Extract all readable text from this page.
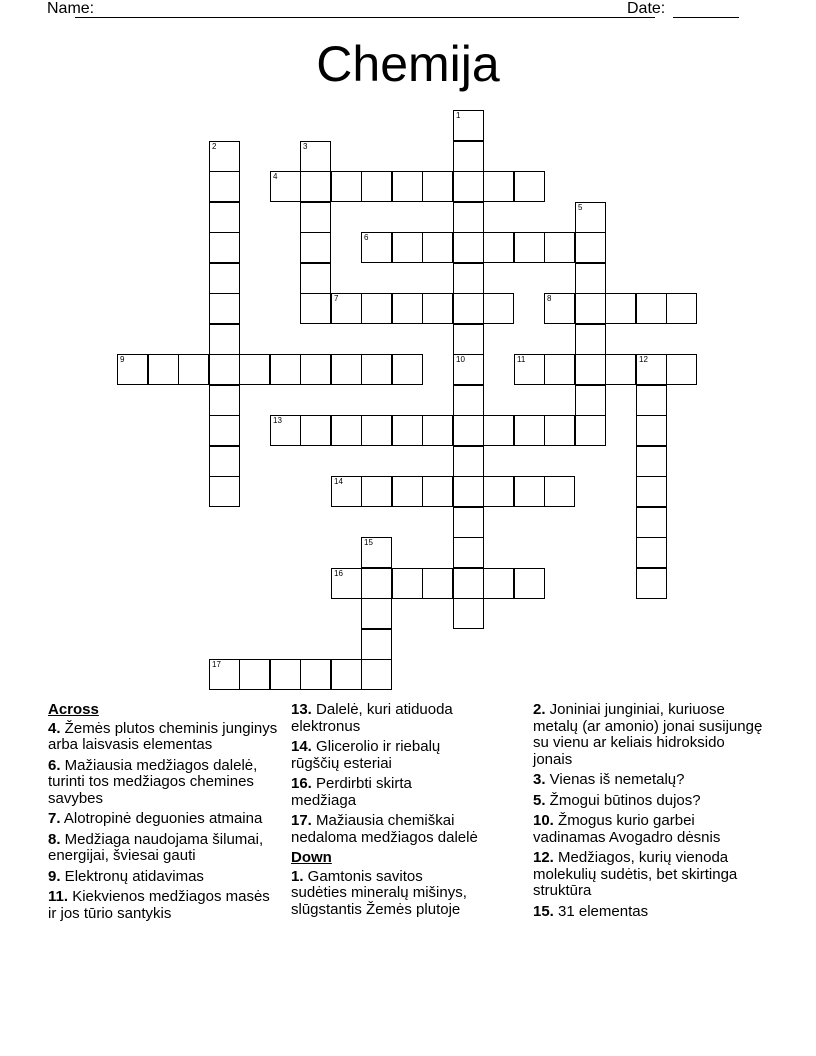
Name:	Date:
Chemija
1
10
2	3
4
5
6
7	8
9	11	12
13
14
15
16
17
Across
4. Žemės plutos cheminis junginys arba laisvasis elementas
6. Mažiausia medžiagos dalelė, turinti tos medžiagos chemines savybes
7. Alotropinė deguonies atmaina
8. Medžiaga naudojama šilumai, energijai, šviesai gauti
9. Elektronų atidavimas
11. Kiekvienos medžiagos masės ir jos tūrio santykis
13. Dalelė, kuri atiduoda elektronus
14. Glicerolio ir riebalų rūgščių esteriai
16. Perdirbti skirta medžiaga
17. Mažiausia chemiškai nedaloma medžiagos dalelė
Down
1. Gamtonis savitos sudėties mineralų mišinys, slūgstantis Žemės plutoje
2. Joniniai junginiai, kuriuose metalų (ar amonio) jonai susijungę su vienu ar keliais hidroksido jonais
3. Vienas iš nemetalų?
5. Žmogui būtinos dujos?
10. Žmogus kurio garbei vadinamas Avogadro dėsnis
12. Medžiagos, kurių vienoda molekulių sudėtis, bet skirtinga struktūra
15. 31 elementas
